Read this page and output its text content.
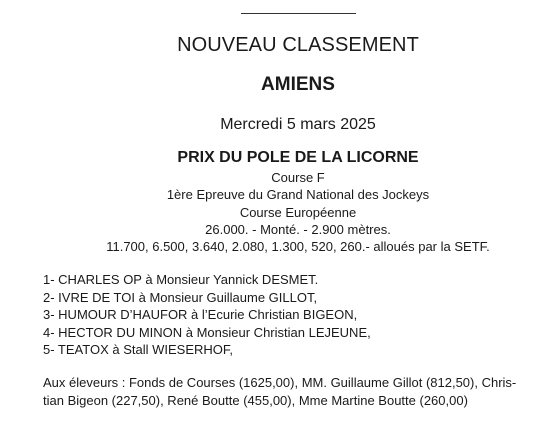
NOUVEAU CLASSEMENT
AMIENS
Mercredi 5 mars 2025
PRIX DU POLE DE LA LICORNE
Course F
1ère Epreuve du Grand National des Jockeys
Course Européenne
26.000. - Monté. - 2.900 mètres.
11.700, 6.500, 3.640, 2.080, 1.300, 520, 260.- alloués par la SETF.
1- CHARLES OP à Monsieur Yannick DESMET.
2- IVRE DE TOI à Monsieur Guillaume GILLOT,
3- HUMOUR D’HAUFOR à l’Ecurie Christian BIGEON,
4- HECTOR DU MINON à Monsieur Christian LEJEUNE,
5- TEATOX à Stall WIESERHOF,
Aux éleveurs : Fonds de Courses (1625,00), MM. Guillaume Gillot (812,50), Chris-
tian Bigeon (227,50), René Boutte (455,00), Mme Martine Boutte (260,00)
